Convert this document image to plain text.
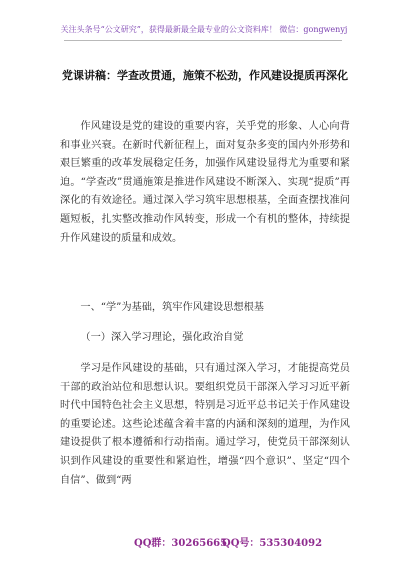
关注头条号“公文研究”，获得最新最全最专业的公文资料库！ 微信：gongwenyj
党课讲稿：学查改贯通，施策不松劲，作风建设提质再深化

作风建设是党的建设的重要内容，关乎党的形象、人心向背和事业兴衰。在新时代新征程上，面对复杂多变的国内外形势和艰巨繁重的改革发展稳定任务，加强作风建设显得尤为重要和紧迫。“学查改”贯通施策是推进作风建设不断深入、实现“提质”再深化的有效途径。通过深入学习筑牢思想根基，全面查摆找准问题短板，扎实整改推动作风转变，形成一个有机的整体，持续提升作风建设的质量和成效。

一、“学”为基础，筑牢作风建设思想根基
（一）深入学习理论，强化政治自觉

学习是作风建设的基础，只有通过深入学习，才能提高党员干部的政治站位和思想认识。要组织党员干部深入学习习近平新时代中国特色社会主义思想，特别是习近平总书记关于作风建设的重要论述。这些论述蕴含着丰富的内涵和深刻的道理，为作风建设提供了根本遵循和行动指南。通过学习，使党员干部深刻认识到作风建设的重要性和紧迫性，增强“四个意识”、坚定“四个自信”、做到“两

QQ群：30265665
QQ号：535304092
